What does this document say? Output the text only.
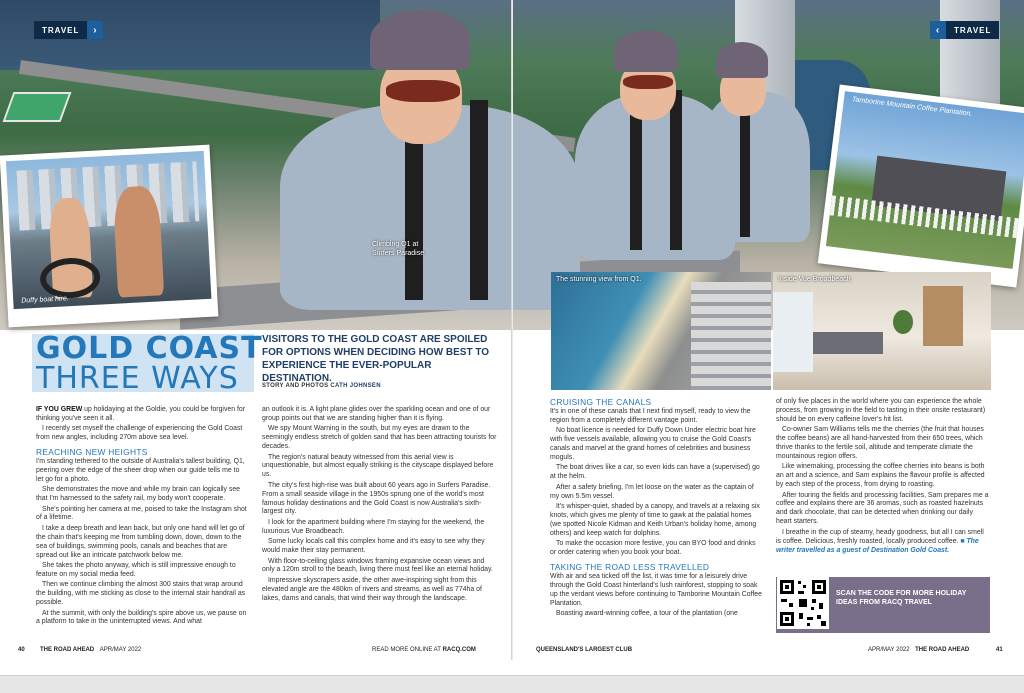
TRAVEL	›	‹	TRAVEL
Duffy boat hire.
Tamborine Mountain Coffee Plantation.
Climbing Q1 at Surfers Paradise.
The stunning view from Q1.	Inside Vue Broadbeach.
GOLD COAST
THREE WAYS
VISITORS TO THE GOLD COAST ARE SPOILED FOR OPTIONS WHEN DECIDING HOW BEST TO EXPERIENCE THE EVER-POPULAR DESTINATION.
STORY AND PHOTOS CATH JOHNSEN

IF YOU GREW up holidaying at the Goldie, you could be forgiven for thinking you've seen it all.

I recently set myself the challenge of experiencing the Gold Coast from new angles, including 270m above sea level.

REACHING NEW HEIGHTS

I'm standing tethered to the outside of Australia's tallest building, Q1, peering over the edge of the sheer drop when our guide tells me to let go for a photo.

She demonstrates the move and while my brain can logically see that I'm harnessed to the safety rail, my body won't cooperate.

She's pointing her camera at me, poised to take the Instagram shot of a lifetime.

I take a deep breath and lean back, but only one hand will let go of the chain that's keeping me from tumbling down, down, down to the sea of buildings, swimming pools, canals and beaches that are spread out like an intricate patchwork below me.

She takes the photo anyway, which is still impressive enough to feature on my social media feed.

Then we continue climbing the almost 300 stairs that wrap around the building, with me sticking as close to the internal stair handrail as possible.

At the summit, with only the building's spire above us, we pause on a platform to take in the uninterrupted views. And what

an outlook it is. A light plane glides over the sparkling ocean and one of our group points out that we are standing higher than it is flying.

We spy Mount Warning in the south, but my eyes are drawn to the seemingly endless stretch of golden sand that has been attracting tourists for decades.

The region's natural beauty witnessed from this aerial view is unquestionable, but almost equally striking is the cityscape displayed before us.

The city's first high-rise was built about 60 years ago in Surfers Paradise. From a small seaside village in the 1950s sprung one of the world's most famous holiday destinations and the Gold Coast is now Australia's sixth-largest city.

I look for the apartment building where I'm staying for the weekend, the luxurious Vue Broadbeach.

Some lucky locals call this complex home and it's easy to see why they would make their stay permanent.

With floor-to-ceiling glass windows framing expansive ocean views and only a 120m stroll to the beach, living there must feel like an eternal holiday.

Impressive skyscrapers aside, the other awe-inspiring sight from this elevated angle are the 480km of rivers and streams, as well as 774ha of lakes, dams and canals, that wind their way through the landscape.

CRUISING THE CANALS

It's in one of these canals that I next find myself, ready to view the region from a completely different vantage point.

No boat licence is needed for Duffy Down Under electric boat hire with five vessels available, allowing you to cruise the Gold Coast's canals and marvel at the grand homes of celebrities and business moguls.

The boat drives like a car, so even kids can have a (supervised) go at the helm.

After a safety briefing, I'm let loose on the water as the captain of my own 5.5m vessel.

It's whisper-quiet, shaded by a canopy, and travels at a relaxing six knots, which gives me plenty of time to gawk at the palatial homes (we spotted Nicole Kidman and Keith Urban's holiday home, among others) and keep watch for dolphins.

To make the occasion more festive, you can BYO food and drinks or order catering when you book your boat.

TAKING THE ROAD LESS TRAVELLED

With air and sea ticked off the list, it was time for a leisurely drive through the Gold Coast hinterland's lush rainforest, stopping to soak up the verdant views before continuing to Tamborine Mountain Coffee Plantation.

Boasting award-winning coffee, a tour of the plantation (one

of only five places in the world where you can experience the whole process, from growing in the field to tasting in their onsite restaurant) should be on every caffeine lover's hit list.

Co-owner Sam Williams tells me the cherries (the fruit that houses the coffee beans) are all hand-harvested from their 650 trees, which thrive thanks to the fertile soil, altitude and temperate climate the mountainous region offers.

Like winemaking, processing the coffee cherries into beans is both an art and a science, and Sam explains the flavour profile is affected by each step of the process, from drying to roasting.

After touring the fields and processing facilities, Sam prepares me a coffee and explains there are 36 aromas, such as roasted hazelnuts and dark chocolate, that can be detected when drinking our daily heart starters.

I breathe in the cup of steamy, heady goodness, but all I can smell is coffee. Delicious, freshly roasted, locally produced coffee. ■ The writer travelled as a guest of Destination Gold Coast.

SCAN THE CODE FOR MORE HOLIDAY IDEAS FROM RACQ TRAVEL
40	THE ROAD AHEAD APR/MAY 2022	READ MORE ONLINE AT RACQ.COM	QUEENSLAND'S LARGEST CLUB	APR/MAY 2022 THE ROAD AHEAD	41
